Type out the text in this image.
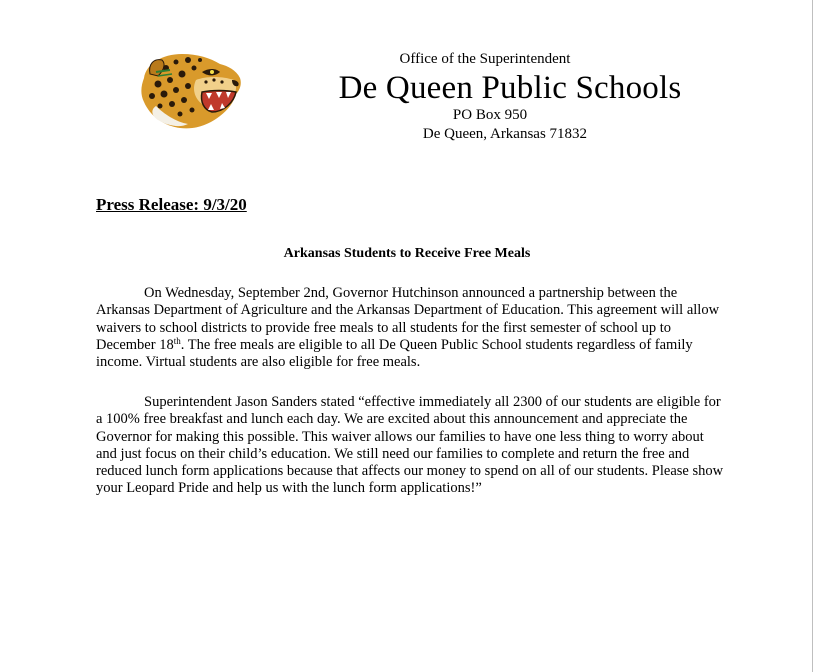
Office of the Superintendent
De Queen Public Schools
PO Box 950
De Queen, Arkansas 71832
Press Release: 9/3/20
Arkansas Students to Receive Free Meals

On Wednesday, September 2nd, Governor Hutchinson announced a partnership between the Arkansas Department of Agriculture and the Arkansas Department of Education. This agreement will allow waivers to school districts to provide free meals to all students for the first semester of school up to December 18th. The free meals are eligible to all De Queen Public School students regardless of family income. Virtual students are also eligible for free meals.

Superintendent Jason Sanders stated “effective immediately all 2300 of our students are eligible for a 100% free breakfast and lunch each day. We are excited about this announcement and appreciate the Governor for making this possible. This waiver allows our families to have one less thing to worry about and just focus on their child’s education. We still need our families to complete and return the free and reduced lunch form applications because that affects our money to spend on all of our students. Please show your Leopard Pride and help us with the lunch form applications!”
